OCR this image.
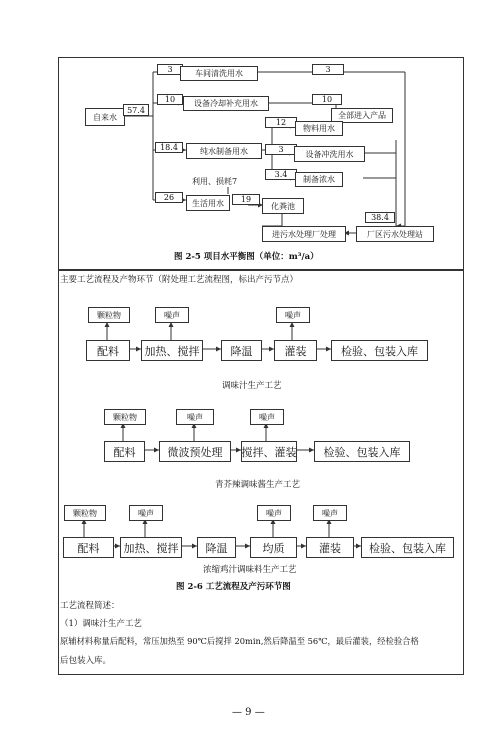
自来水
57.4
3	车间清洗用水	3
10	设备冷却补充用水	10
全部进入产品
12
物料用水
18.4	纯水制备用水	3	设备冲洗用水
利用、损耗7
3.4
制备浓水
26
生活用水	19
化粪池
38.4
进污水处理厂处理	厂区污水处理站
图 2-5 项目水平衡图（单位：m³/a）
主要工艺流程及产物环节（附处理工艺流程图，标出产污节点）
颗粒物	噪声	噪声
配料	加热、搅拌	降温	灌装	检验、包装入库
调味汁生产工艺
颗粒物	噪声	噪声
配料	微波预处理	搅拌、灌装	检验、包装入库
青芥辣调味酱生产工艺
颗粒物	噪声	噪声	噪声
配料	加热、搅拌	降温	均质	灌装	检验、包装入库
浓缩鸡汁调味料生产工艺
图 2-6 工艺流程及产污环节图
工艺流程简述：
（1）调味汁生产工艺
原辅材料称量后配料，常压加热至 90℃后搅拌 20min,然后降温至 56℃，最后灌装，经检验合格
后包装入库。
— 9 —
